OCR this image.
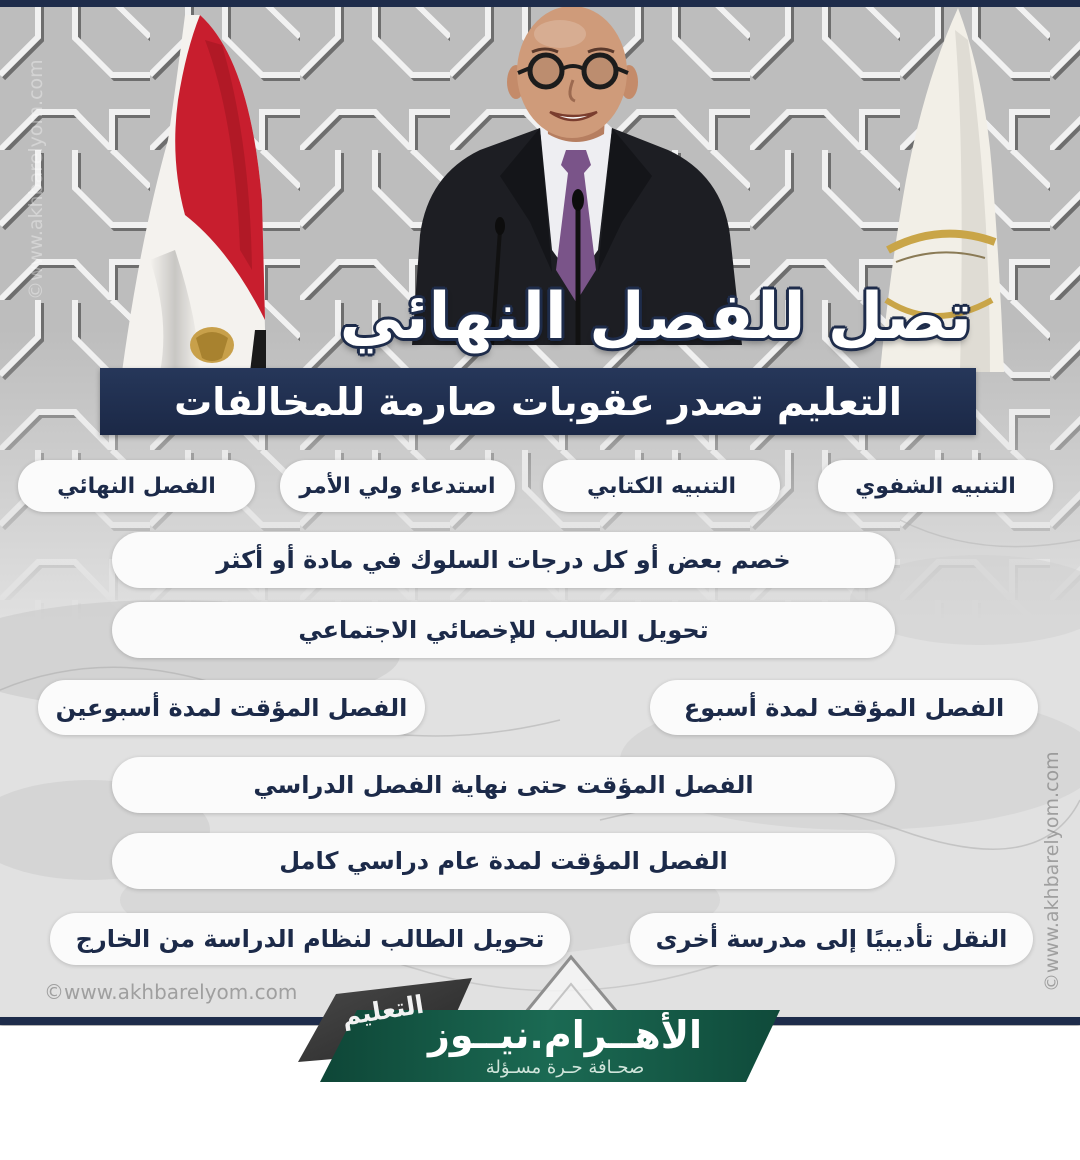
©www.akhbarelyom.com
تصل للفصل النهائي
التعليم تصدر عقوبات صارمة للمخالفات
التنبيه الشفوي
التنبيه الكتابي
استدعاء ولي الأمر
الفصل النهائي
خصم بعض أو كل درجات السلوك في مادة أو أكثر
تحويل الطالب للإخصائي الاجتماعي
الفصل المؤقت لمدة أسبوع
الفصل المؤقت لمدة أسبوعين
الفصل المؤقت حتى نهاية الفصل الدراسي
الفصل المؤقت لمدة عام دراسي كامل
النقل تأديبيًا إلى مدرسة أخرى
تحويل الطالب لنظام الدراسة من الخارج
©www.akhbarelyom.com	©www.akhbarelyom.com
التعليم
الأهــرام.نيــوز
صحـافة حـرة مسـؤلة
